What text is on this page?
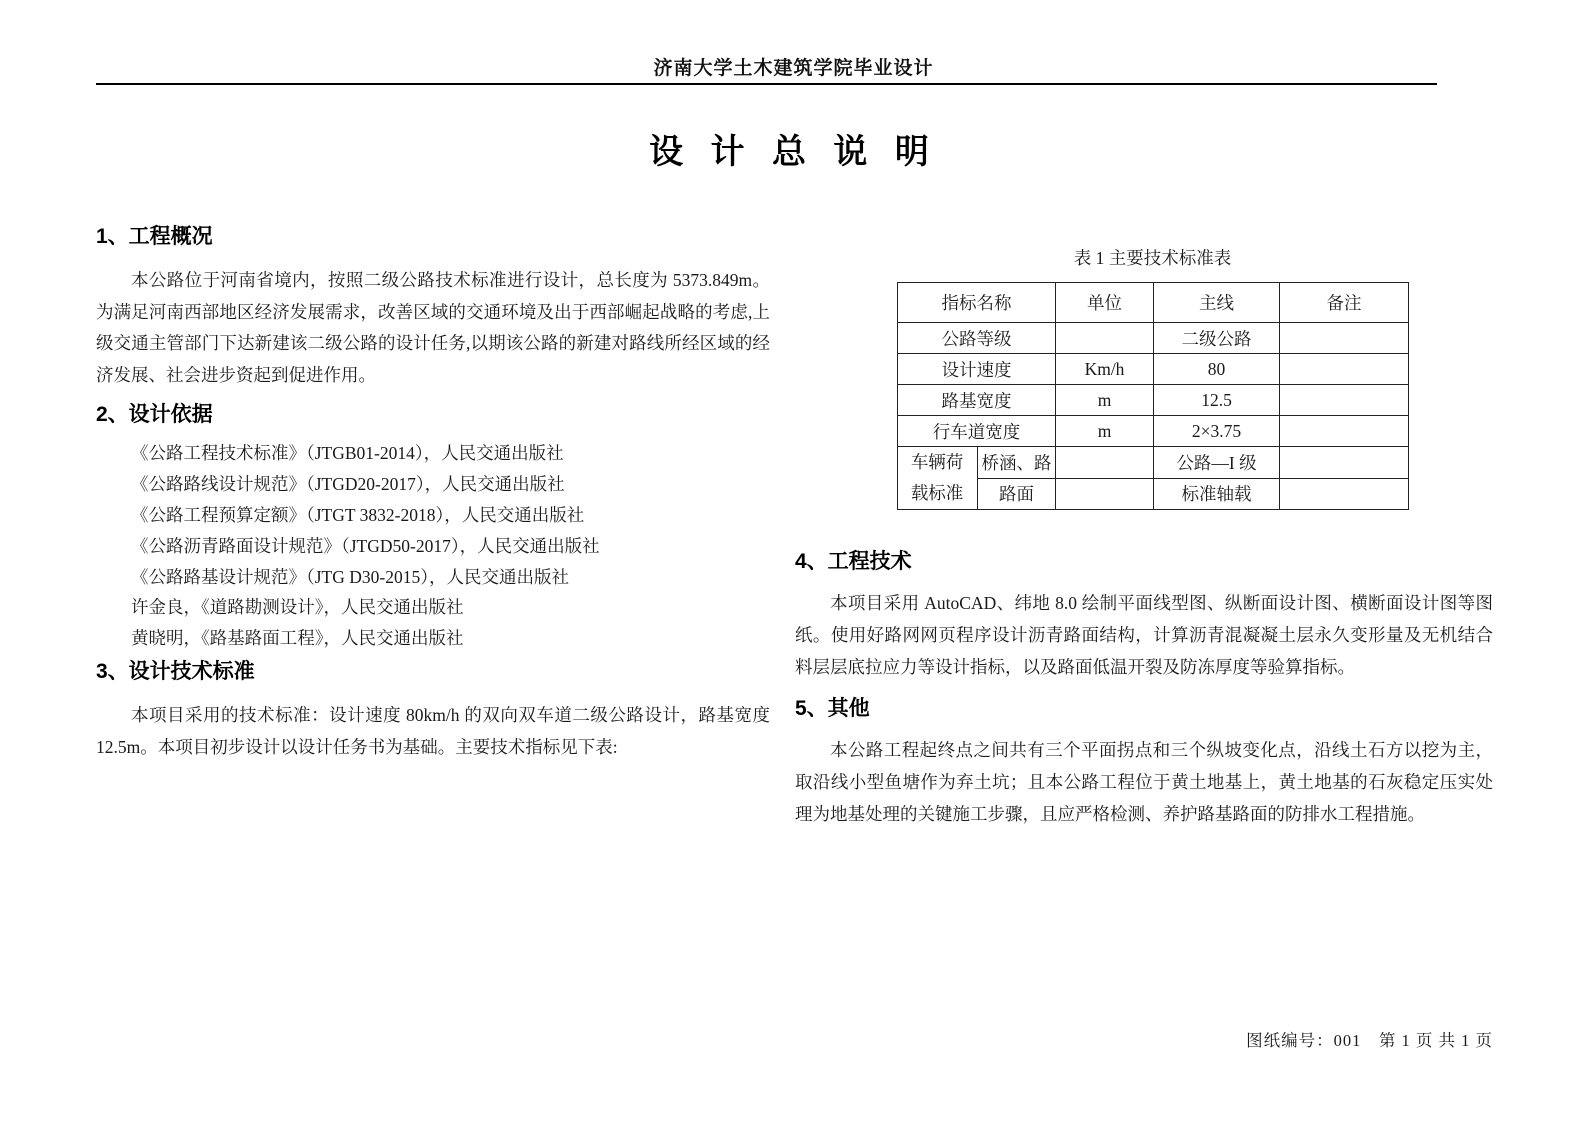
济南大学土木建筑学院毕业设计
设 计 总 说 明
1、工程概况

本公路位于河南省境内，按照二级公路技术标准进行设计，总长度为 5373.849m。为满足河南西部地区经济发展需求，改善区域的交通环境及出于西部崛起战略的考虑,上级交通主管部门下达新建该二级公路的设计任务,以期该公路的新建对路线所经区域的经济发展、社会进步资起到促进作用。

2、设计依据
《公路工程技术标准》（JTGB01-2014），人民交通出版社
《公路路线设计规范》（JTGD20-2017），人民交通出版社
《公路工程预算定额》（JTGT 3832-2018），人民交通出版社
《公路沥青路面设计规范》（JTGD50-2017），人民交通出版社
《公路路基设计规范》（JTG D30-2015），人民交通出版社
许金良，《道路勘测设计》，人民交通出版社
黄晓明，《路基路面工程》，人民交通出版社
3、设计技术标准

本项目采用的技术标准：设计速度 80km/h 的双向双车道二级公路设计，路基宽度 12.5m。本项目初步设计以设计任务书为基础。主要技术指标见下表:

表 1 主要技术标准表
指标名称		单位	主线	备注
公路等级			二级公路	
设计速度		Km/h	80	
路基宽度		m	12.5	
行车道宽度		m	2×3.75	
车辆荷载标准	桥涵、路		公路—I 级	
	路面		标准轴载	
4、工程技术

本项目采用 AutoCAD、纬地 8.0 绘制平面线型图、纵断面设计图、横断面设计图等图纸。使用好路网网页程序设计沥青路面结构，计算沥青混凝凝土层永久变形量及无机结合料层层底拉应力等设计指标，以及路面低温开裂及防冻厚度等验算指标。

5、其他

本公路工程起终点之间共有三个平面拐点和三个纵坡变化点，沿线土石方以挖为主，取沿线小型鱼塘作为弃土坑；且本公路工程位于黄土地基上，黄土地基的石灰稳定压实处理为地基处理的关键施工步骤，且应严格检测、养护路基路面的防排水工程措施。

图纸编号：001　第 1 页 共 1 页
